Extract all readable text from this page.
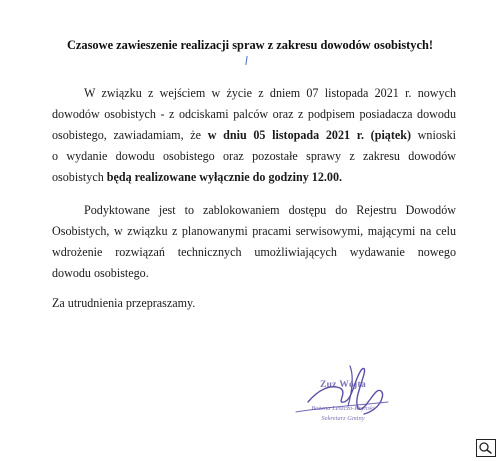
Czasowe zawieszenie realizacji spraw z zakresu dowodów osobistych!
W związku z wejściem w życie z dniem 07 listopada 2021 r. nowych
dowodów osobistych - z odciskami palców oraz z podpisem posiadacza dowodu
osobistego, zawiadamiam, że w dniu 05 listopada 2021 r. (piątek) wnioski
o wydanie dowodu osobistego oraz pozostałe sprawy z zakresu dowodów
osobistych będą realizowane wyłącznie do godziny 12.00.
Podyktowane jest to zablokowaniem dostępu do Rejestru Dowodów
Osobistych, w związku z planowanymi pracami serwisowymi, mającymi na celu
wdrożenie rozwiązań technicznych umożliwiających wydawanie nowego
dowodu osobistego.
Za utrudnienia przepraszamy.
Zuz Wójta
Bożena Leszczo-Kryński
Sekretarz Gminy
